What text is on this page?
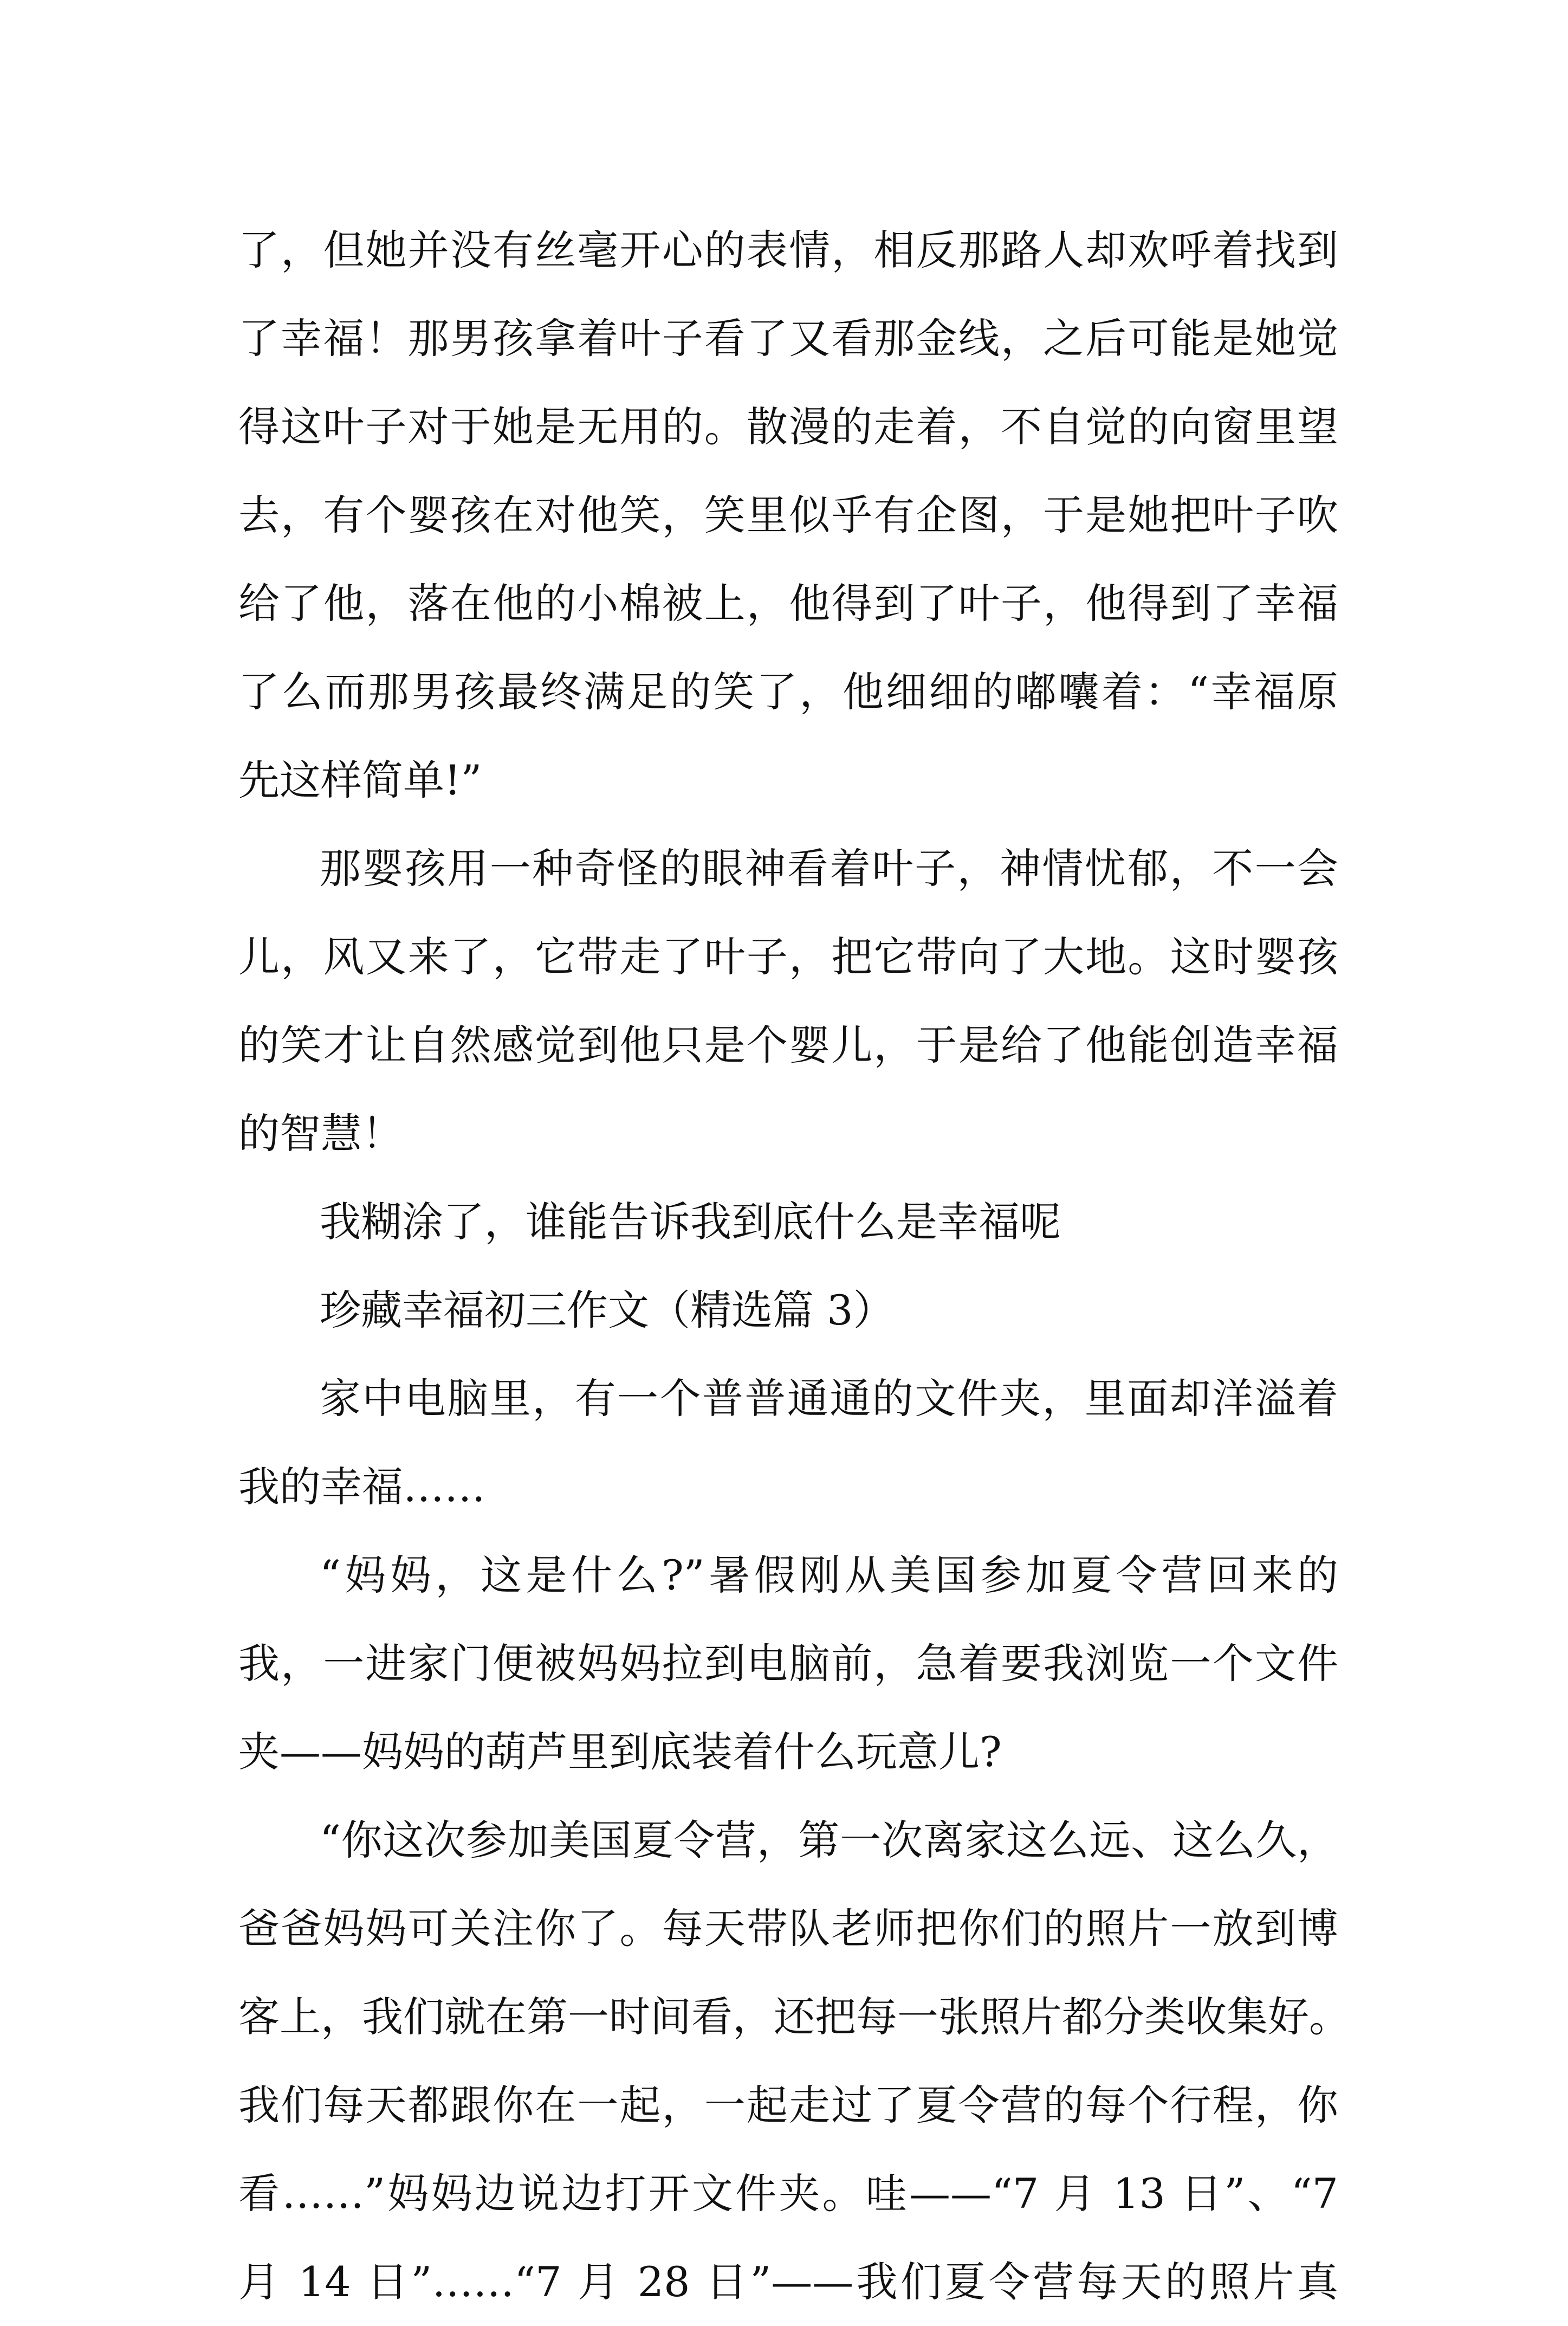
了，但她并没有丝毫开心的表情，相反那路人却欢呼着找到
了幸福！那男孩拿着叶子看了又看那金线，之后可能是她觉
得这叶子对于她是无用的。散漫的走着，不自觉的向窗里望
去，有个婴孩在对他笑，笑里似乎有企图，于是她把叶子吹
给了他，落在他的小棉被上，他得到了叶子，他得到了幸福
了么而那男孩最终满足的笑了，他细细的嘟囔着：“幸福原
先这样简单!”
那婴孩用一种奇怪的眼神看着叶子，神情忧郁，不一会
儿，风又来了，它带走了叶子，把它带向了大地。这时婴孩
的笑才让自然感觉到他只是个婴儿，于是给了他能创造幸福
的智慧！
我糊涂了，谁能告诉我到底什么是幸福呢
珍藏幸福初三作文（精选篇 3）
家中电脑里，有一个普普通通的文件夹，里面却洋溢着
我的幸福……
“妈妈，这是什么?”暑假刚从美国参加夏令营回来的
我，一进家门便被妈妈拉到电脑前，急着要我浏览一个文件
夹——妈妈的葫芦里到底装着什么玩意儿?
“你这次参加美国夏令营，第一次离家这么远、这么久，
爸爸妈妈可关注你了。每天带队老师把你们的照片一放到博
客上，我们就在第一时间看，还把每一张照片都分类收集好。
我们每天都跟你在一起，一起走过了夏令营的每个行程，你
看……”妈妈边说边打开文件夹。哇——“7 月 13 日”、“7
月 14 日”……“7 月 28 日”——我们夏令营每天的照片真
